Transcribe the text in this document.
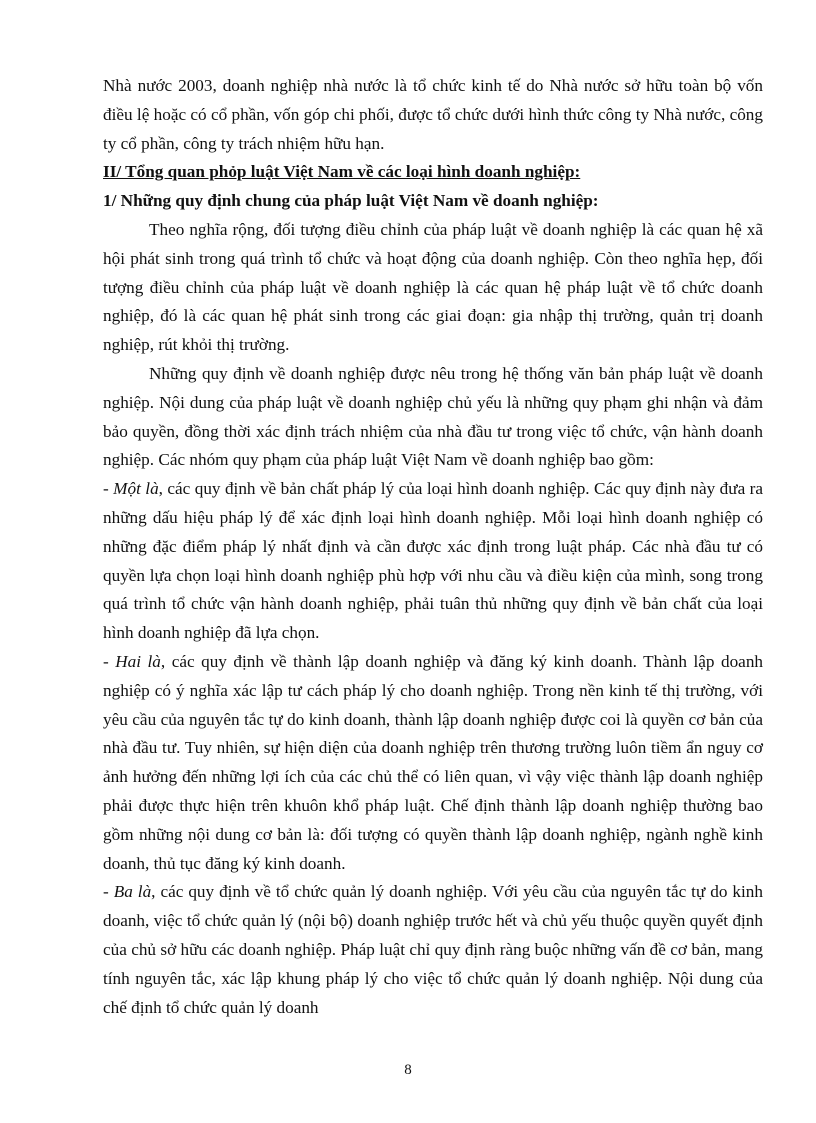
Nhà nước 2003, doanh nghiệp nhà nước là tổ chức kinh tế do Nhà nước sở hữu toàn bộ vốn điều lệ hoặc có cổ phần, vốn góp chi phối, được tổ chức dưới hình thức công ty Nhà nước, công ty cổ phần, công ty trách nhiệm hữu hạn.

II/ Tổng quan phỏp luật Việt Nam về các loại hình doanh nghiệp:
1/ Những quy định chung của pháp luật Việt Nam về doanh nghiệp:

Theo nghĩa rộng, đối tượng điều chỉnh của pháp luật về doanh nghiệp là các quan hệ xã hội phát sinh trong quá trình tổ chức và hoạt động của doanh nghiệp. Còn theo nghĩa hẹp, đối tượng điều chỉnh của pháp luật về doanh nghiệp là các quan hệ pháp luật về tổ chức doanh nghiệp, đó là các quan hệ phát sinh trong các giai đoạn: gia nhập thị trường, quản trị doanh nghiệp, rút khỏi thị trường.

Những quy định về doanh nghiệp được nêu trong hệ thống văn bản pháp luật về doanh nghiệp. Nội dung của pháp luật về doanh nghiệp chủ yếu là những quy phạm ghi nhận và đảm bảo quyền, đồng thời xác định trách nhiệm của nhà đầu tư trong việc tổ chức, vận hành doanh nghiệp. Các nhóm quy phạm của pháp luật Việt Nam về doanh nghiệp bao gồm:

- Một là, các quy định về bản chất pháp lý của loại hình doanh nghiệp. Các quy định này đưa ra những dấu hiệu pháp lý để xác định loại hình doanh nghiệp. Mỗi loại hình doanh nghiệp có những đặc điểm pháp lý nhất định và cần được xác định trong luật pháp. Các nhà đầu tư có quyền lựa chọn loại hình doanh nghiệp phù hợp với nhu cầu và điều kiện của mình, song trong quá trình tổ chức vận hành doanh nghiệp, phải tuân thủ những quy định về bản chất của loại hình doanh nghiệp đã lựa chọn.

- Hai là, các quy định về thành lập doanh nghiệp và đăng ký kinh doanh. Thành lập doanh nghiệp có ý nghĩa xác lập tư cách pháp lý cho doanh nghiệp. Trong nền kinh tế thị trường, với yêu cầu của nguyên tắc tự do kinh doanh, thành lập doanh nghiệp được coi là quyền cơ bản của nhà đầu tư. Tuy nhiên, sự hiện diện của doanh nghiệp trên thương trường luôn tiềm ẩn nguy cơ ảnh hưởng đến những lợi ích của các chủ thể có liên quan, vì vậy việc thành lập doanh nghiệp phải được thực hiện trên khuôn khổ pháp luật. Chế định thành lập doanh nghiệp thường bao gồm những nội dung cơ bản là: đối tượng có quyền thành lập doanh nghiệp, ngành nghề kinh doanh, thủ tục đăng ký kinh doanh.

- Ba là, các quy định về tổ chức quản lý doanh nghiệp. Với yêu cầu của nguyên tắc tự do kinh doanh, việc tổ chức quản lý (nội bộ) doanh nghiệp trước hết và chủ yếu thuộc quyền quyết định của chủ sở hữu các doanh nghiệp. Pháp luật chỉ quy định ràng buộc những vấn đề cơ bản, mang tính nguyên tắc, xác lập khung pháp lý cho việc tổ chức quản lý doanh nghiệp. Nội dung của chế định tổ chức quản lý doanh

8
